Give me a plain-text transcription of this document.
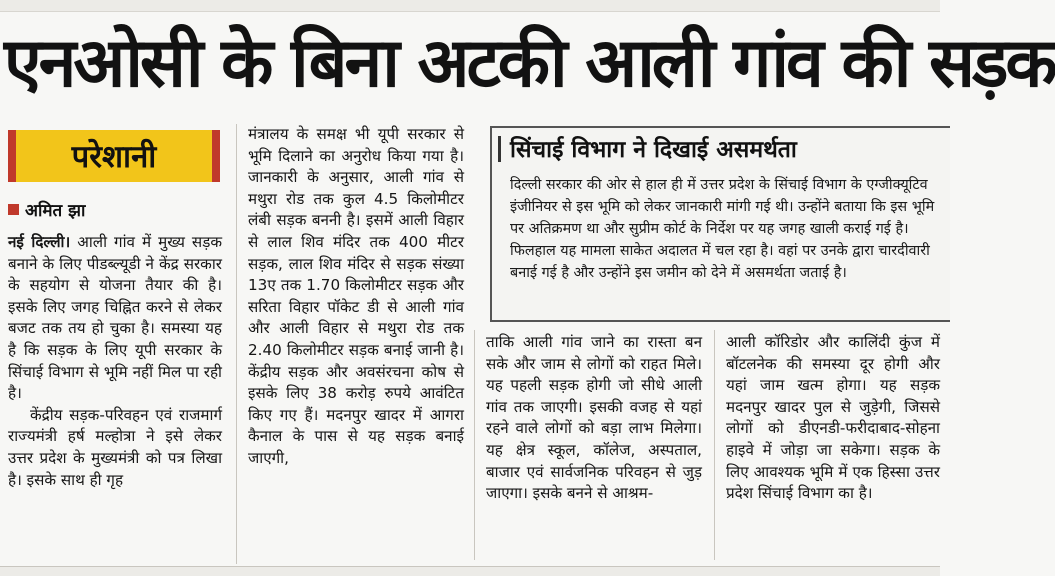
एनओसी के बिना अटकी आली गांव की सड़क
परेशानी
अमित झा

नई दिल्ली। आली गांव में मुख्य सड़क बनाने के लिए पीडब्ल्यूडी ने केंद्र सरकार के सहयोग से योजना तैयार की है। इसके लिए जगह चिह्नित करने से लेकर बजट तक तय हो चुका है। समस्या यह है कि सड़क के लिए यूपी सरकार के सिंचाई विभाग से भूमि नहीं मिल पा रही है।

केंद्रीय सड़क-परिवहन एवं राजमार्ग राज्यमंत्री हर्ष मल्होत्रा ने इसे लेकर उत्तर प्रदेश के मुख्यमंत्री को पत्र लिखा है। इसके साथ ही गृह

मंत्रालय के समक्ष भी यूपी सरकार से भूमि दिलाने का अनुरोध किया गया है। जानकारी के अनुसार, आली गांव से मथुरा रोड तक कुल 4.5 किलोमीटर लंबी सड़क बननी है। इसमें आली विहार से लाल शिव मंदिर तक 400 मीटर सड़क, लाल शिव मंदिर से सड़क संख्या 13ए तक 1.70 किलोमीटर सड़क और सरिता विहार पॉकेट डी से आली गांव और आली विहार से मथुरा रोड तक 2.40 किलोमीटर सड़क बनाई जानी है। केंद्रीय सड़क और अवसंरचना कोष से इसके लिए 38 करोड़ रुपये आवंटित किए गए हैं। मदनपुर खादर में आगरा कैनाल के पास से यह सड़क बनाई जाएगी,

सिंचाई विभाग ने दिखाई असमर्थता
दिल्ली सरकार की ओर से हाल ही में उत्तर प्रदेश के सिंचाई विभाग के एग्जीक्यूटिव इंजीनियर से इस भूमि को लेकर जानकारी मांगी गई थी। उन्होंने बताया कि इस भूमि पर अतिक्रमण था और सुप्रीम कोर्ट के निर्देश पर यह जगह खाली कराई गई है। फिलहाल यह मामला साकेत अदालत में चल रहा है। वहां पर उनके द्वारा चारदीवारी बनाई गई है और उन्होंने इस जमीन को देने में असमर्थता जताई है।

ताकि आली गांव जाने का रास्ता बन सके और जाम से लोगों को राहत मिले। यह पहली सड़क होगी जो सीधे आली गांव तक जाएगी। इसकी वजह से यहां रहने वाले लोगों को बड़ा लाभ मिलेगा। यह क्षेत्र स्कूल, कॉलेज, अस्पताल, बाजार एवं सार्वजनिक परिवहन से जुड़ जाएगा। इसके बनने से आश्रम-

आली कॉरिडोर और कालिंदी कुंज में बॉटलनेक की समस्या दूर होगी और यहां जाम खत्म होगा। यह सड़क मदनपुर खादर पुल से जुड़ेगी, जिससे लोगों को डीएनडी-फरीदाबाद-सोहना हाइवे में जोड़ा जा सकेगा। सड़क के लिए आवश्यक भूमि में एक हिस्सा उत्तर प्रदेश सिंचाई विभाग का है।
